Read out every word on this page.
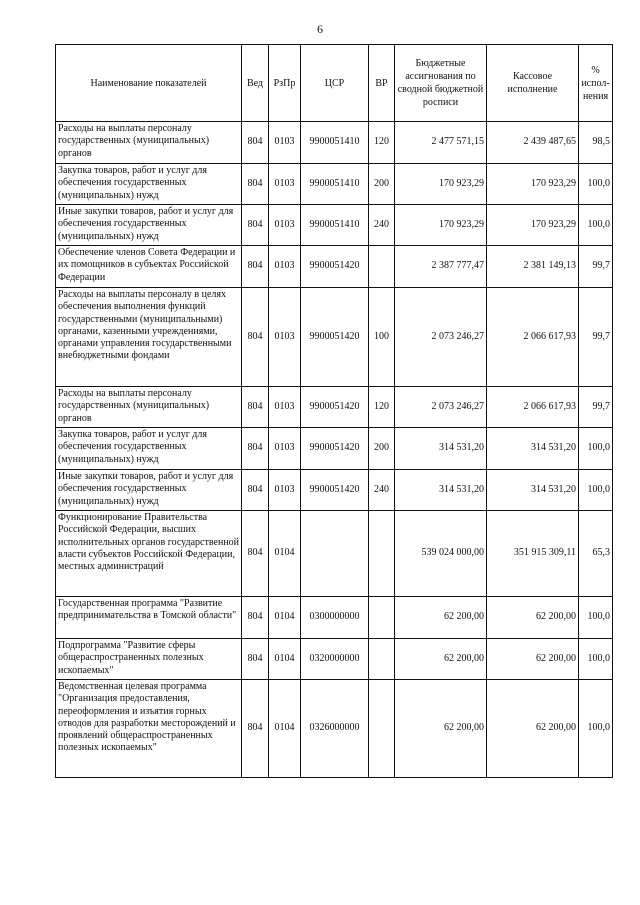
6
Наименование показателей	Вед	РзПр	ЦСР	ВР	Бюджетные ассигнования по сводной бюджетной росписи	Кассовое исполнение	% испол-нения
Расходы на выплаты персоналу государственных (муниципальных) органов	804	0103	9900051410	120	2 477 571,15	2 439 487,65	98,5
Закупка товаров, работ и услуг для обеспечения государственных (муниципальных) нужд	804	0103	9900051410	200	170 923,29	170 923,29	100,0
Иные закупки товаров, работ и услуг для обеспечения государственных (муниципальных) нужд	804	0103	9900051410	240	170 923,29	170 923,29	100,0
Обеспечение членов Совета Федерации и их помощников в субъектах Российской Федерации	804	0103	9900051420		2 387 777,47	2 381 149,13	99,7
Расходы на выплаты персоналу в целях обеспечения выполнения функций государственными (муниципальными) органами, казенными учреждениями, органами управления государственными внебюджетными фондами	804	0103	9900051420	100	2 073 246,27	2 066 617,93	99,7
Расходы на выплаты персоналу государственных (муниципальных) органов	804	0103	9900051420	120	2 073 246,27	2 066 617,93	99,7
Закупка товаров, работ и услуг для обеспечения государственных (муниципальных) нужд	804	0103	9900051420	200	314 531,20	314 531,20	100,0
Иные закупки товаров, работ и услуг для обеспечения государственных (муниципальных) нужд	804	0103	9900051420	240	314 531,20	314 531,20	100,0
Функционирование Правительства Российской Федерации, высших исполнительных органов государственной власти субъектов Российской Федерации, местных администраций	804	0104			539 024 000,00	351 915 309,11	65,3
Государственная программа "Развитие предпринимательства в Томской области"	804	0104	0300000000		62 200,00	62 200,00	100,0
Подпрограмма "Развитие сферы общераспространенных полезных ископаемых"	804	0104	0320000000		62 200,00	62 200,00	100,0
Ведомственная целевая программа "Организация предоставления, переоформления и изъятия горных отводов для разработки месторождений и проявлений общераспространенных полезных ископаемых"	804	0104	0326000000		62 200,00	62 200,00	100,0
